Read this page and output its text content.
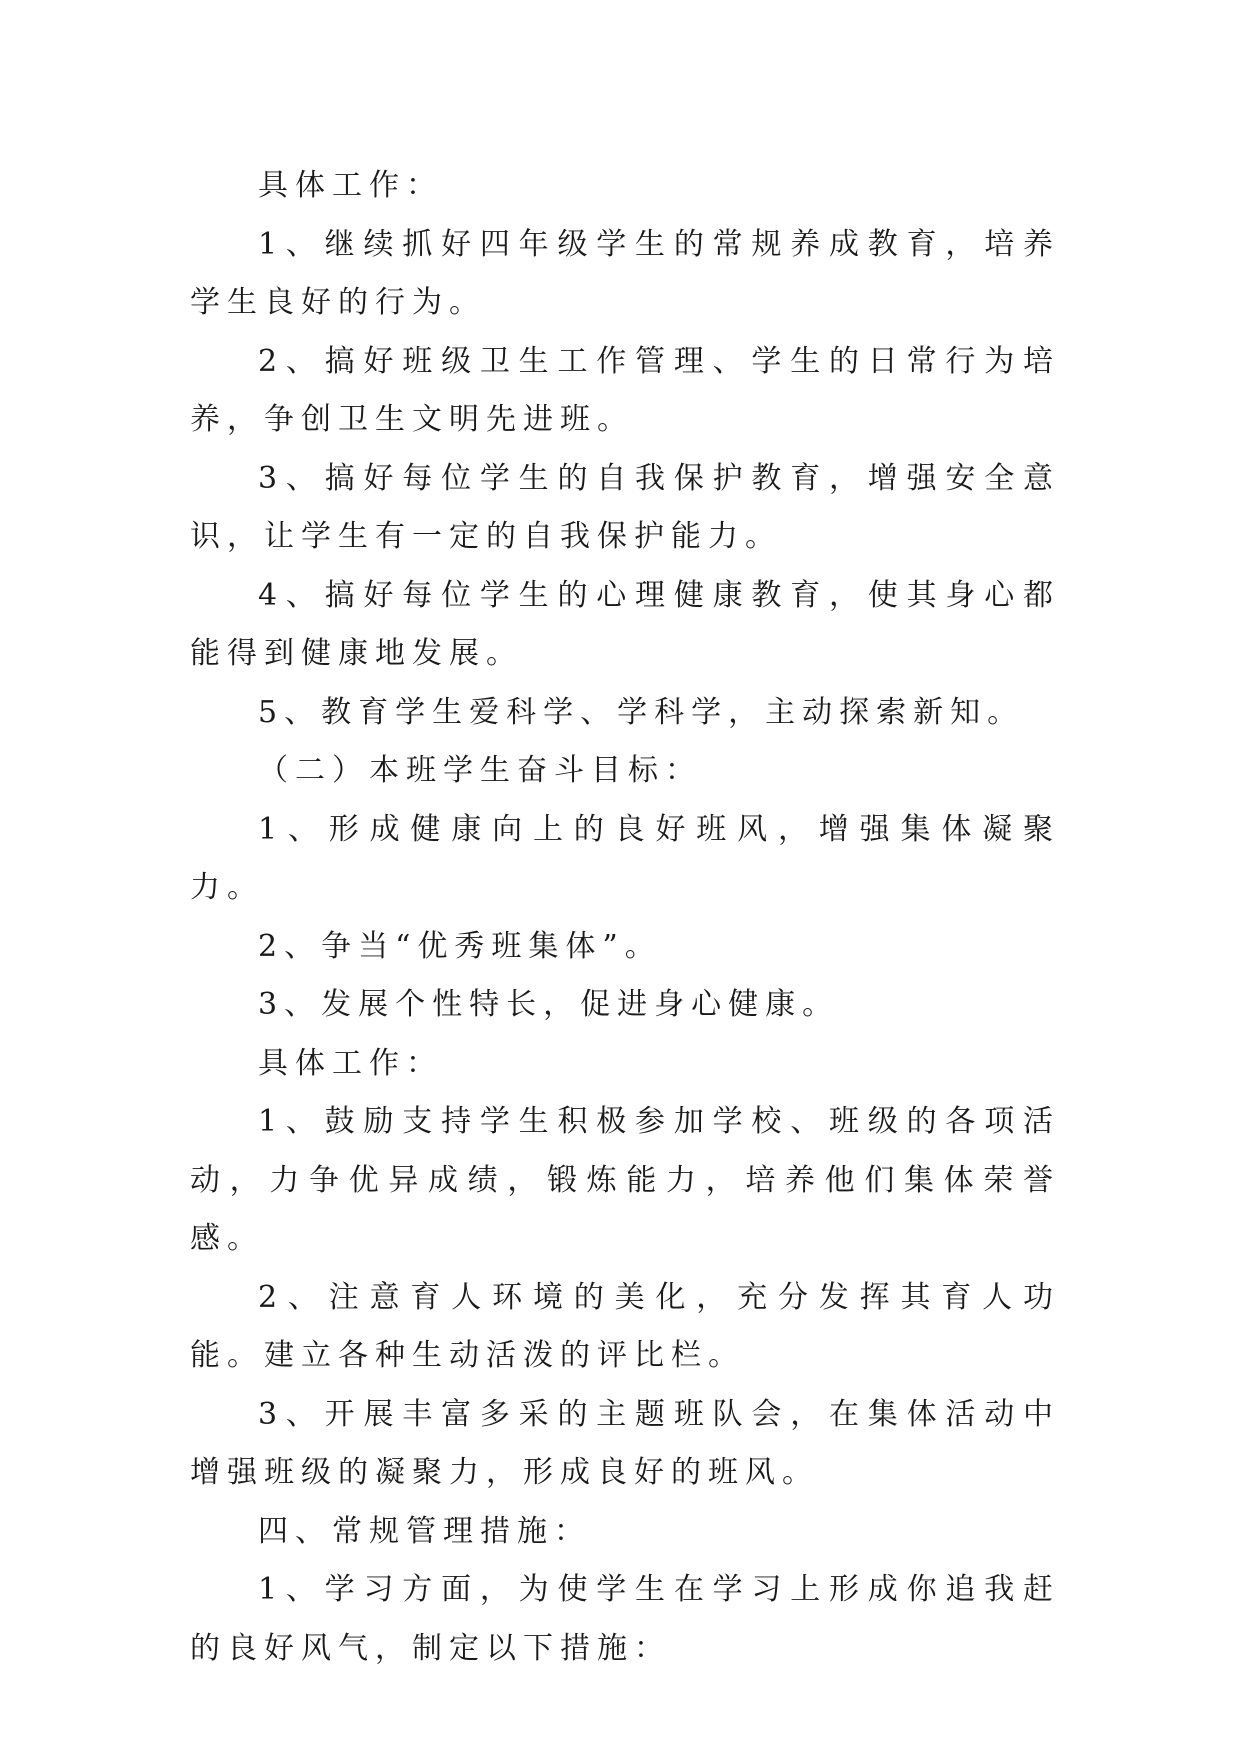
具体工作：

1、继续抓好四年级学生的常规养成教育，培养学生良好的行为。

2、搞好班级卫生工作管理、学生的日常行为培养，争创卫生文明先进班。

3、搞好每位学生的自我保护教育，增强安全意识，让学生有一定的自我保护能力。

4、搞好每位学生的心理健康教育，使其身心都能得到健康地发展。

5、教育学生爱科学、学科学，主动探索新知。

（二）本班学生奋斗目标：

1、形成健康向上的良好班风，增强集体凝聚力。

2、争当“优秀班集体”。

3、发展个性特长，促进身心健康。

具体工作：

1、鼓励支持学生积极参加学校、班级的各项活动，力争优异成绩，锻炼能力，培养他们集体荣誉感。

2、注意育人环境的美化，充分发挥其育人功能。建立各种生动活泼的评比栏。

3、开展丰富多采的主题班队会，在集体活动中增强班级的凝聚力，形成良好的班风。

四、常规管理措施：

1、学习方面，为使学生在学习上形成你追我赶的良好风气，制定以下措施：
